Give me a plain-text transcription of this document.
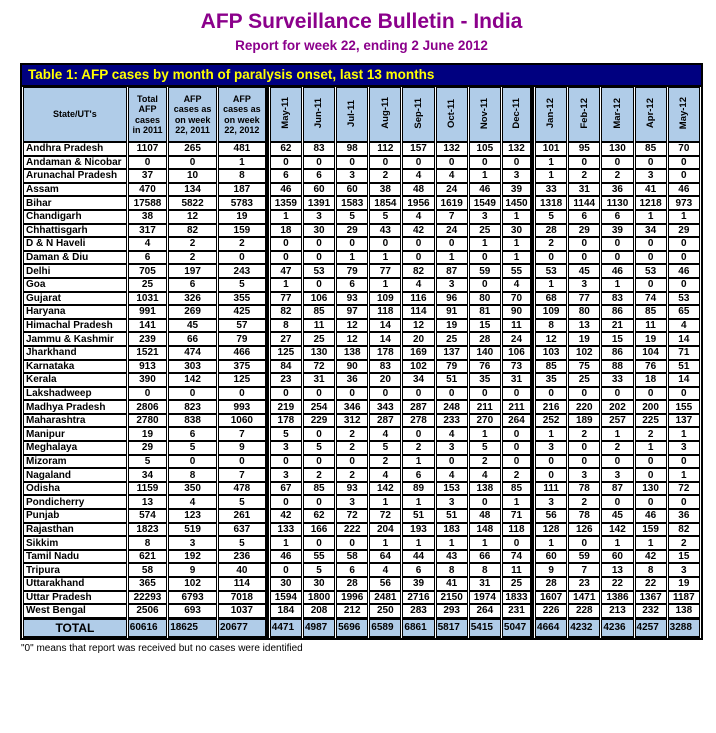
AFP Surveillance Bulletin - India
Report for week 22, ending 2 June 2012
Table 1: AFP cases by month of paralysis onset, last 13 months
State/UT's	Total AFP cases in 2011	AFP cases as on week 22, 2011	AFP cases as on week 22, 2012	May-11	Jun-11	Jul-11	Aug-11	Sep-11	Oct-11	Nov-11	Dec-11	Jan-12	Feb-12	Mar-12	Apr-12	May-12
Andhra Pradesh	1107	265	481	62	83	98	112	157	132	105	132	101	95	130	85	70
Andaman & Nicobar	0	0	1	0	0	0	0	0	0	0	0	1	0	0	0	0
Arunachal Pradesh	37	10	8	6	6	3	2	4	4	1	3	1	2	2	3	0
Assam	470	134	187	46	60	60	38	48	24	46	39	33	31	36	41	46
Bihar	17588	5822	5783	1359	1391	1583	1854	1956	1619	1549	1450	1318	1144	1130	1218	973
Chandigarh	38	12	19	1	3	5	5	4	7	3	1	5	6	6	1	1
Chhattisgarh	317	82	159	18	30	29	43	42	24	25	30	28	29	39	34	29
D & N Haveli	4	2	2	0	0	0	0	0	0	1	1	2	0	0	0	0
Daman & Diu	6	2	0	0	0	1	1	0	1	0	1	0	0	0	0	0
Delhi	705	197	243	47	53	79	77	82	87	59	55	53	45	46	53	46
Goa	25	6	5	1	0	6	1	4	3	0	4	1	3	1	0	0
Gujarat	1031	326	355	77	106	93	109	116	96	80	70	68	77	83	74	53
Haryana	991	269	425	82	85	97	118	114	91	81	90	109	80	86	85	65
Himachal Pradesh	141	45	57	8	11	12	14	12	19	15	11	8	13	21	11	4
Jammu & Kashmir	239	66	79	27	25	12	14	20	25	28	24	12	19	15	19	14
Jharkhand	1521	474	466	125	130	138	178	169	137	140	106	103	102	86	104	71
Karnataka	913	303	375	84	72	90	83	102	79	76	73	85	75	88	76	51
Kerala	390	142	125	23	31	36	20	34	51	35	31	35	25	33	18	14
Lakshadweep	0	0	0	0	0	0	0	0	0	0	0	0	0	0	0	0
Madhya Pradesh	2806	823	993	219	254	346	343	287	248	211	211	216	220	202	200	155
Maharashtra	2780	838	1060	178	229	312	287	278	233	270	264	252	189	257	225	137
Manipur	19	6	7	5	0	2	4	0	4	1	0	1	2	1	2	1
Meghalaya	29	5	9	3	5	2	5	2	3	5	0	3	0	2	1	3
Mizoram	5	0	0	0	0	0	2	1	0	2	0	0	0	0	0	0
Nagaland	34	8	7	3	2	2	4	6	4	4	2	0	3	3	0	1
Odisha	1159	350	478	67	85	93	142	89	153	138	85	111	78	87	130	72
Pondicherry	13	4	5	0	0	3	1	1	3	0	1	3	2	0	0	0
Punjab	574	123	261	42	62	72	72	51	51	48	71	56	78	45	46	36
Rajasthan	1823	519	637	133	166	222	204	193	183	148	118	128	126	142	159	82
Sikkim	8	3	5	1	0	0	1	1	1	1	0	1	0	1	1	2
Tamil Nadu	621	192	236	46	55	58	64	44	43	66	74	60	59	60	42	15
Tripura	58	9	40	0	5	6	4	6	8	8	11	9	7	13	8	3
Uttarakhand	365	102	114	30	30	28	56	39	41	31	25	28	23	22	22	19
Uttar Pradesh	22293	6793	7018	1594	1800	1996	2481	2716	2150	1974	1833	1607	1471	1386	1367	1187
West Bengal	2506	693	1037	184	208	212	250	283	293	264	231	226	228	213	232	138
TOTAL	60616	18625	20677	4471	4987	5696	6589	6861	5817	5415	5047	4664	4232	4236	4257	3288
"0" means that report was received but no cases were identified
